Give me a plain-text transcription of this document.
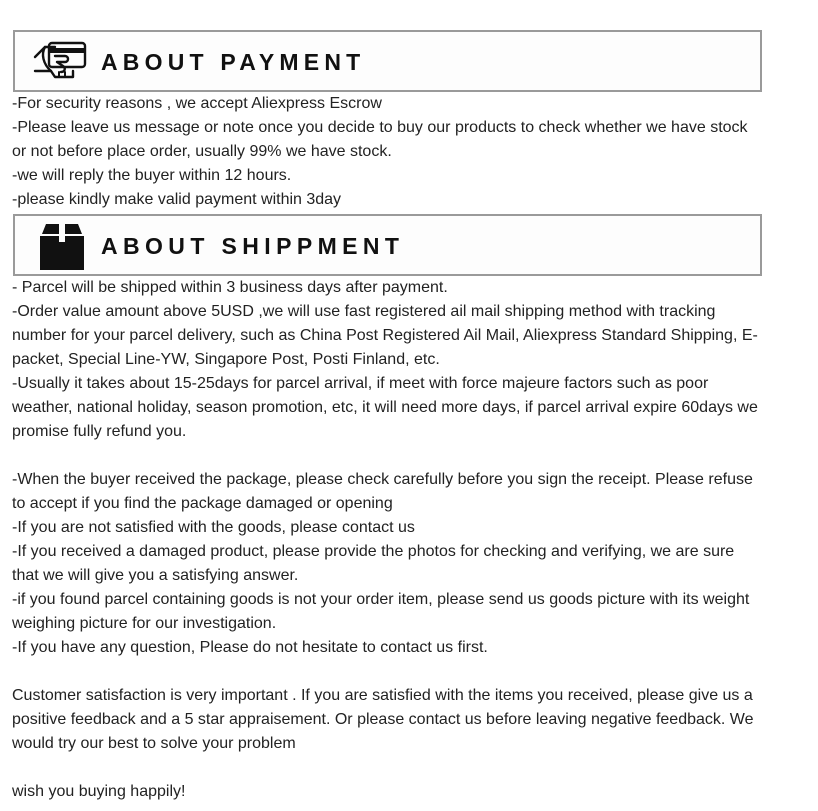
ABOUT PAYMENT

-For security reasons , we accept Aliexpress Escrow

-Please leave us message or note once you decide to buy our products to check whether we have stock

or not before place order, usually 99% we have stock.

-we will reply the buyer within 12 hours.

-please kindly make valid payment within 3day

ABOUT SHIPPMENT

- Parcel will be shipped within 3 business days after payment.

-Order value amount above 5USD ,we will use fast registered ail mail shipping method with tracking

number for your parcel delivery, such as China Post Registered Ail Mail, Aliexpress Standard Shipping, E-

packet, Special Line-YW, Singapore Post, Posti Finland, etc.

-Usually it takes about 15-25days for parcel arrival, if meet with force majeure factors such as poor

weather, national holiday, season promotion, etc, it will need more days, if parcel arrival expire 60days we

promise fully refund you.

-When the buyer received the package, please check carefully before you sign the receipt. Please refuse

to accept if you find the package damaged or opening

-If you are not satisfied with the goods, please contact us

-If you received a damaged product, please provide the photos for checking and verifying, we are sure

that we will give you a satisfying answer.

-if you found parcel containing goods is not your order item, please send us goods picture with its weight

weighing picture for our investigation.

-If you have any question, Please do not hesitate to contact us first.

Customer satisfaction is very important . If you are satisfied with the items you received, please give us a

positive feedback and a 5 star appraisement. Or please contact us before leaving negative feedback. We

would try our best to solve your problem

wish you buying happily!
